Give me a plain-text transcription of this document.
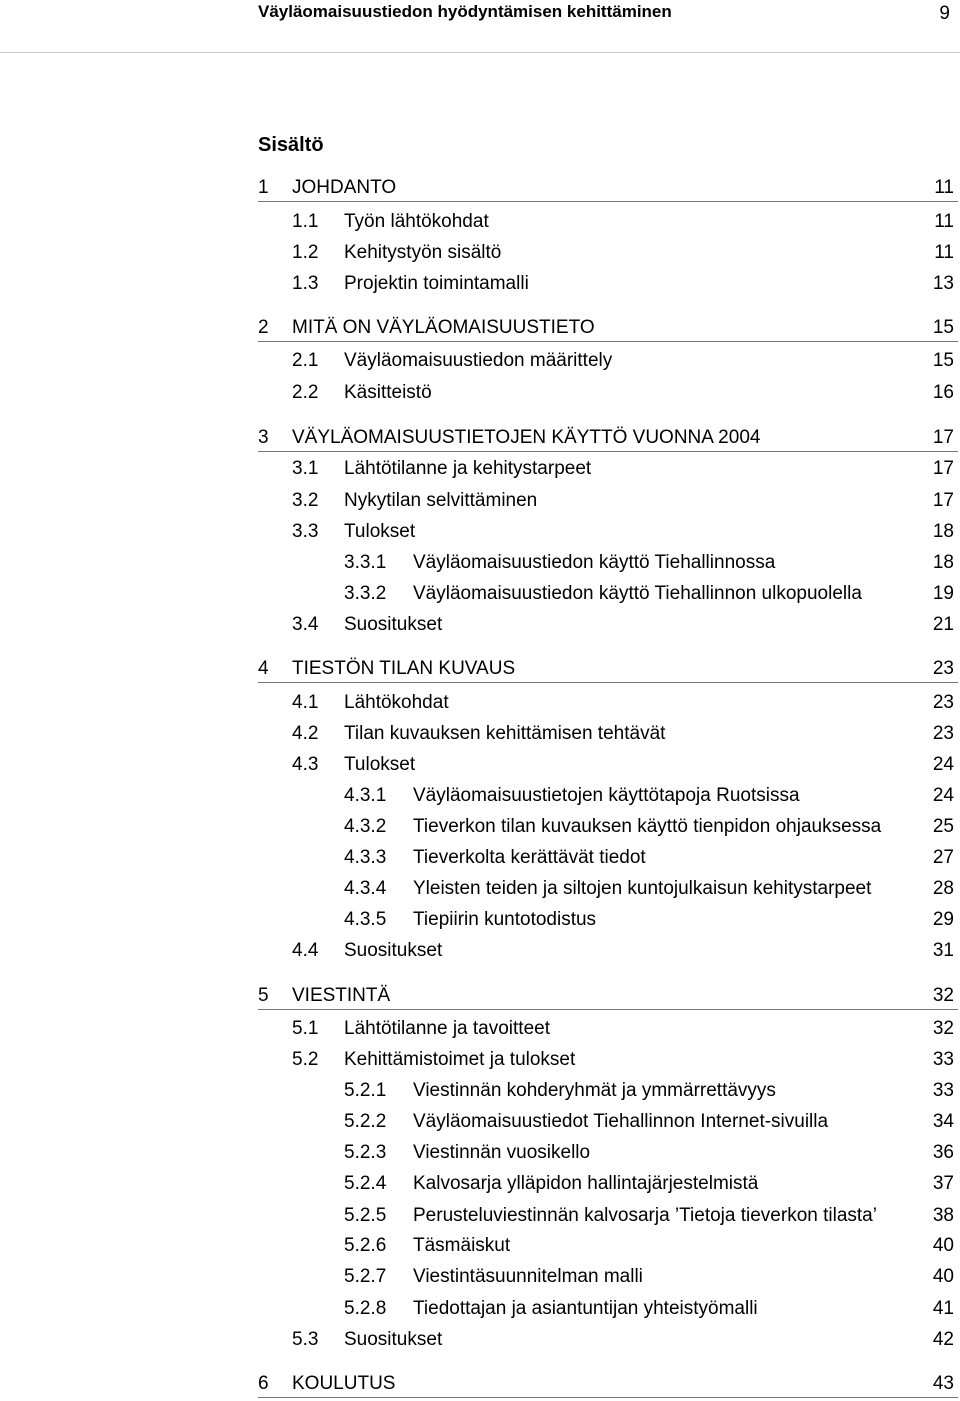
Väyläomaisuustiedon hyödyntämisen kehittäminen	9
Sisältö
1 JOHDANTO	11
1.1 Työn lähtökohdat	11
1.2 Kehitystyön sisältö	11
1.3 Projektin toimintamalli	13
2 MITÄ ON VÄYLÄOMAISUUSTIETO	15
2.1 Väyläomaisuustiedon määrittely	15
2.2 Käsitteistö	16
3 VÄYLÄOMAISUUSTIETOJEN KÄYTTÖ VUONNA 2004	17
3.1 Lähtötilanne ja kehitystarpeet	17
3.2 Nykytilan selvittäminen	17
3.3 Tulokset	18
3.3.1 Väyläomaisuustiedon käyttö Tiehallinnossa	18
3.3.2 Väyläomaisuustiedon käyttö Tiehallinnon ulkopuolella	19
3.4 Suositukset	21
4 TIESTÖN TILAN KUVAUS	23
4.1 Lähtökohdat	23
4.2 Tilan kuvauksen kehittämisen tehtävät	23
4.3 Tulokset	24
4.3.1 Väyläomaisuustietojen käyttötapoja Ruotsissa	24
4.3.2 Tieverkon tilan kuvauksen käyttö tienpidon ohjauksessa	25
4.3.3 Tieverkolta kerättävät tiedot	27
4.3.4 Yleisten teiden ja siltojen kuntojulkaisun kehitystarpeet	28
4.3.5 Tiepiirin kuntotodistus	29
4.4 Suositukset	31
5 VIESTINTÄ	32
5.1 Lähtötilanne ja tavoitteet	32
5.2 Kehittämistoimet ja tulokset	33
5.2.1 Viestinnän kohderyhmät ja ymmärrettävyys	33
5.2.2 Väyläomaisuustiedot Tiehallinnon Internet-sivuilla	34
5.2.3 Viestinnän vuosikello	36
5.2.4 Kalvosarja ylläpidon hallintajärjestelmistä	37
5.2.5 Perusteluviestinnän kalvosarja ’Tietoja tieverkon tilasta’	38
5.2.6 Täsmäiskut	40
5.2.7 Viestintäsuunnitelman malli	40
5.2.8 Tiedottajan ja asiantuntijan yhteistyömalli	41
5.3 Suositukset	42
6 KOULUTUS	43
